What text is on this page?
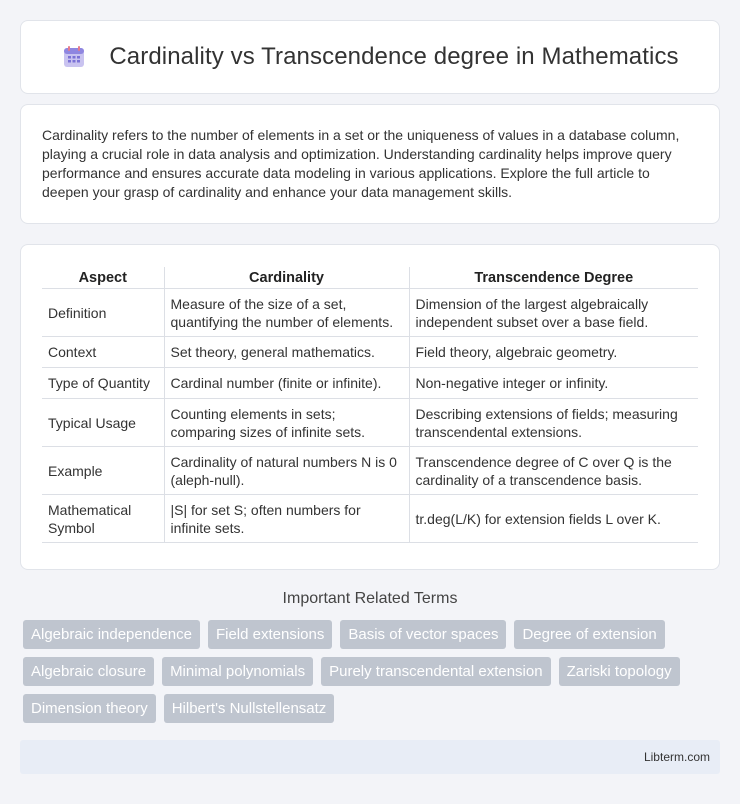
Cardinality vs Transcendence degree in Mathematics

Cardinality refers to the number of elements in a set or the uniqueness of values in a database column, playing a crucial role in data analysis and optimization. Understanding cardinality helps improve query performance and ensures accurate data modeling in various applications. Explore the full article to deepen your grasp of cardinality and enhance your data management skills.

Aspect	Cardinality	Transcendence Degree
Definition	Measure of the size of a set, quantifying the number of elements.	Dimension of the largest algebraically independent subset over a base field.
Context	Set theory, general mathematics.	Field theory, algebraic geometry.
Type of Quantity	Cardinal number (finite or infinite).	Non-negative integer or infinity.
Typical Usage	Counting elements in sets; comparing sizes of infinite sets.	Describing extensions of fields; measuring transcendental extensions.
Example	Cardinality of natural numbers N is 0 (aleph-null).	Transcendence degree of C over Q is the cardinality of a transcendence basis.
Mathematical Symbol	|S| for set S; often numbers for infinite sets.	tr.deg(L/K) for extension fields L over K.
Important Related Terms
Algebraic independence	Field extensions	Basis of vector spaces	Degree of extension
Algebraic closure	Minimal polynomials	Purely transcendental extension	Zariski topology
Dimension theory	Hilbert's Nullstellensatz
Libterm.com
